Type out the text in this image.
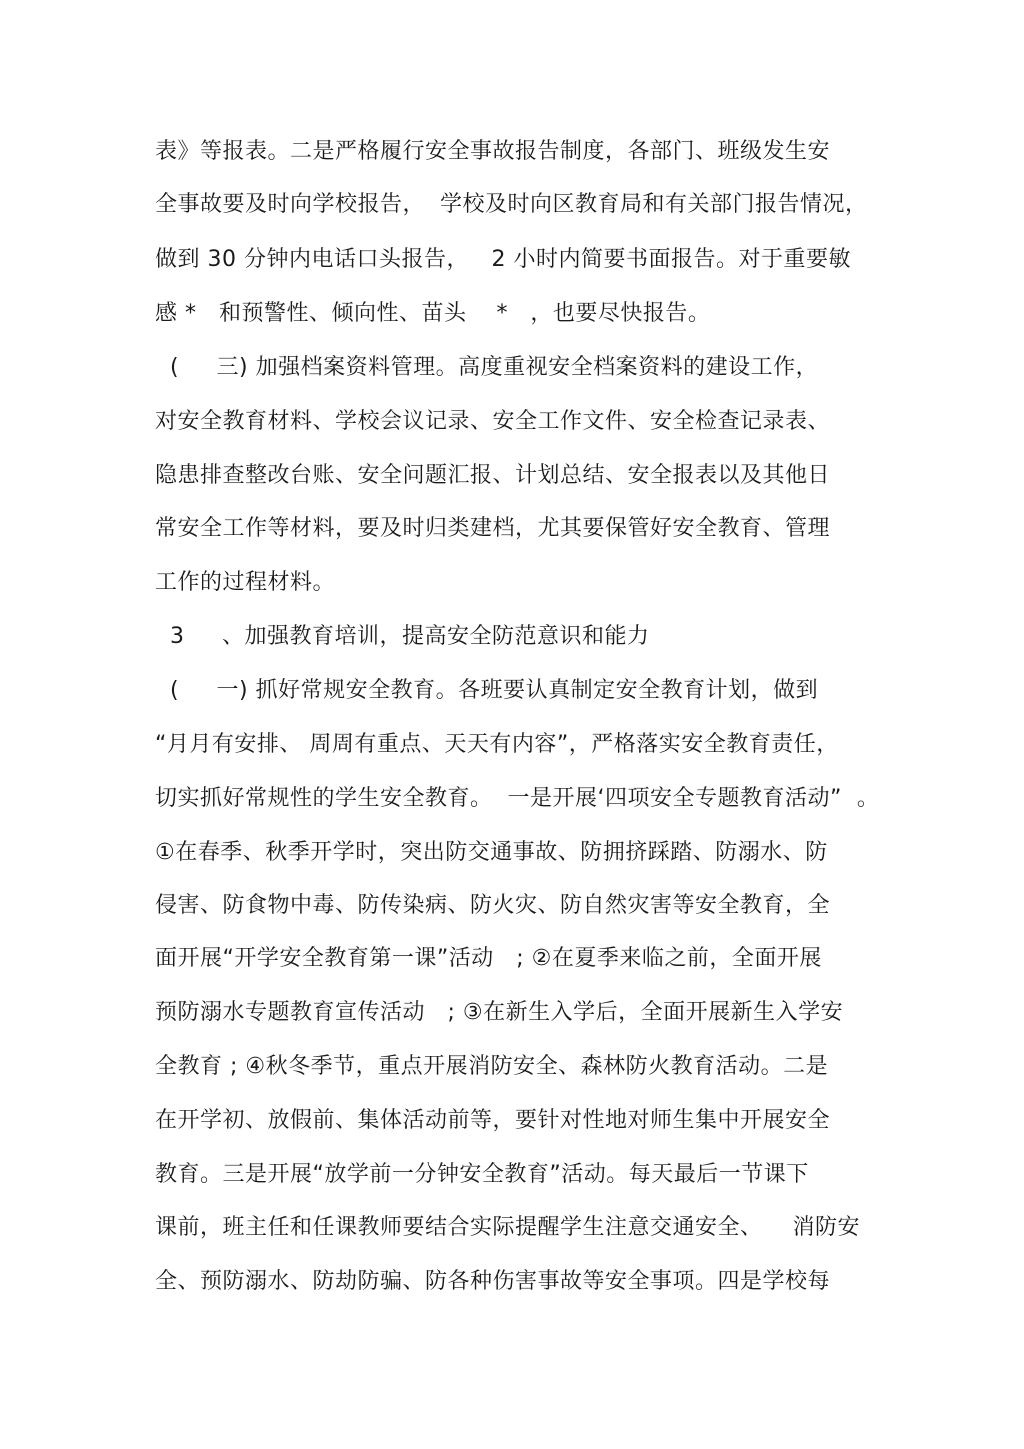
表》等报表。二是严格履行安全事故报告制度，各部门、班级发生安
全事故要及时向学校报告，  学校及时向区教育局和有关部门报告情况，
做到 30 分钟内电话口头报告，   2 小时内简要书面报告。对于重要敏
感 *   和预警性、倾向性、苗头    *   ，也要尽快报告。
(     三) 加强档案资料管理。高度重视安全档案资料的建设工作，
对安全教育材料、学校会议记录、安全工作文件、安全检查记录表、
隐患排查整改台账、安全问题汇报、计划总结、安全报表以及其他日
常安全工作等材料，要及时归类建档，尤其要保管好安全教育、管理
工作的过程材料。
3     、加强教育培训，提高安全防范意识和能力
(     一) 抓好常规安全教育。各班要认真制定安全教育计划，做到
“月月有安排、 周周有重点、天天有内容”，严格落实安全教育责任，
切实抓好常规性的学生安全教育。  一是开展‘四项安全专题教育活动”  。
①在春季、秋季开学时，突出防交通事故、防拥挤踩踏、防溺水、防
侵害、防食物中毒、防传染病、防火灾、防自然灾害等安全教育，全
面开展“开学安全教育第一课”活动   ; ②在夏季来临之前，全面开展
预防溺水专题教育宣传活动   ; ③在新生入学后，全面开展新生入学安
全教育 ; ④秋冬季节，重点开展消防安全、森林防火教育活动。二是
在开学初、放假前、集体活动前等，要针对性地对师生集中开展安全
教育。三是开展“放学前一分钟安全教育”活动。每天最后一节课下
课前，班主任和任课教师要结合实际提醒学生注意交通安全、    消防安
全、预防溺水、防劫防骗、防各种伤害事故等安全事项。四是学校每
